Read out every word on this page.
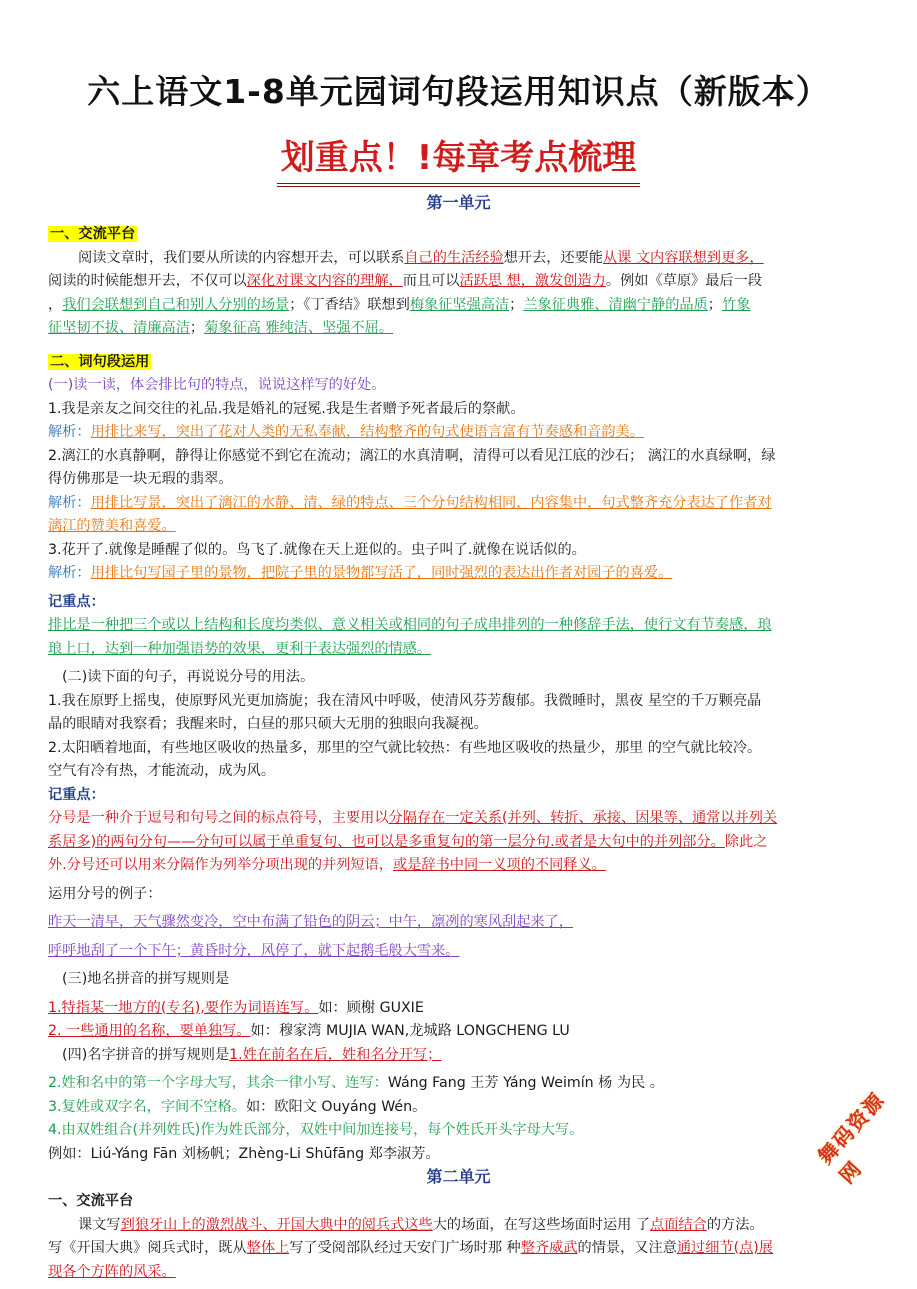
六上语文1-8单元园词句段运用知识点（新版本）
划重点！!每章考点梳理
第一单元
一、交流平台
阅读文章时，我们要从所读的内容想开去，可以联系自己的生活经验想开去，还要能从课 文内容联想到更多，
阅读的时候能想开去，不仅可以深化对课文内容的理解，而且可以活跃思 想，激发创造力。例如《草原》最后一段
，我们会联想到自己和别人分别的场景；《丁香结》联想到梅象征坚强高洁；兰象征典雅、清幽宁静的品质；竹象
征坚韧不拔、清廉高洁；菊象征高 雅纯洁、坚强不屈。
二、词句段运用
(一)读一读，体会排比句的特点，说说这样写的好处。
1.我是亲友之间交往的礼品.我是婚礼的冠冕.我是生者赠予死者最后的祭献。
解析：用排比来写，突出了花对人类的无私奉献，结构整齐的句式使语言富有节奏感和音韵美。
2.漓江的水真静啊，静得让你感觉不到它在流动；漓江的水真清啊，清得可以看见江底的沙石； 漓江的水真绿啊，绿
得仿佛那是一块无瑕的翡翠。
解析：用排比写景，突出了漓江的水静、清、绿的特点、三个分句结构相同，内容集中，句式整齐充分表达了作者对
漓江的赞美和喜爱。
3.花开了.就像是睡醒了似的。鸟飞了.就像在天上逛似的。虫子叫了.就像在说话似的。
解析：用排比句写园子里的景物，把院子里的景物都写活了，同时强烈的表达出作者对园子的喜爱。
记重点：
排比是一种把三个或以上结构和长度均类似、意义相关或相同的句子成串排列的一种修辞手法，使行文有节奏感，琅
琅上口，达到一种加强语势的效果，更利于表达强烈的情感。
(二)读下面的句子，再说说分号的用法。
1.我在原野上摇曳，使原野风光更加旖旎；我在清风中呼吸，使清风芬芳馥郁。我微睡时，黑夜 星空的千万颗亮晶
晶的眼睛对我察看；我醒来时，白昼的那只硕大无朋的独眼向我凝视。
2.太阳晒着地面，有些地区吸收的热量多，那里的空气就比较热：有些地区吸收的热量少，那里 的空气就比较冷。
空气有冷有热，才能流动，成为风。
记重点：
分号是一种介于逗号和句号之间的标点符号，主要用以分隔存在一定关系(并列、转折、承接、因果等、通常以并列关
系居多)的两句分句——分句可以属于单重复句、也可以是多重复句的第一层分句.或者是大句中的并列部分。除此之
外.分号还可以用来分隔作为列举分项出现的并列短语，或是辞书中同一义项的不同释义。
运用分号的例子：
昨天一清早，天气骤然变冷，空中布满了铅色的阴云；中午，凛冽的寒风刮起来了，
呼呼地刮了一个下午；黄昏时分，风停了，就下起鹅毛般大雪来。
(三)地名拼音的拼写规则是
1.特指某一地方的(专名),要作为词语连写。如：顾榭 GUXIE
2. 一些通用的名称，要单独写。如：穆家湾 MUJIA WAN,龙城路 LONGCHENG LU
(四)名字拼音的拼写规则是1.姓在前名在后，姓和名分开写；
2.姓和名中的第一个字母大写，其余一律小写、连写：Wáng Fang 王芳 Yáng Weimín 杨 为民 。
3.复姓或双字名，字间不空格。如：欧阳文 Ouyáng Wén。
4.由双姓组合(并列姓氏)作为姓氏部分，双姓中间加连接号，每个姓氏开头字母大写。
例如：Liú-Yáng Fān 刘杨帆；Zhèng-Li Shūfāng 郑李淑芳。
第二单元
一、交流平台
课文写到狼牙山上的激烈战斗、开国大典中的阅兵式这些大的场面，在写这些场面时运用 了点面结合的方法。
写《开国大典》阅兵式时，既从整体上写了受阅部队经过天安门广场时那 种整齐威武的情景，又注意通过细节(点)展
现各个方阵的风采。
舞码资源网
